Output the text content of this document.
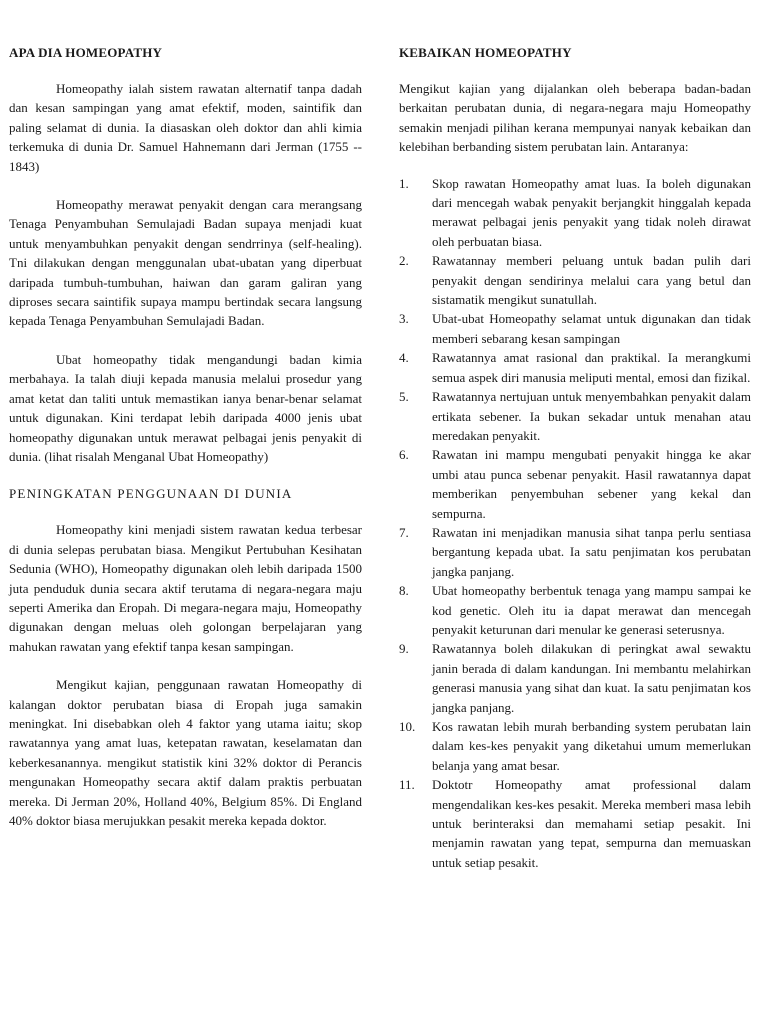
APA DIA HOMEOPATHY

Homeopathy ialah sistem rawatan alternatif tanpa dadah dan kesan sampingan yang amat efektif, moden, saintifik dan paling selamat di dunia. Ia diasaskan oleh doktor dan ahli kimia terkemuka di dunia Dr. Samuel Hahnemann dari Jerman (1755 -- 1843)

Homeopathy merawat penyakit dengan cara merangsang Tenaga Penyambuhan Semulajadi Badan supaya menjadi kuat untuk menyambuhkan penyakit dengan sendrrinya (self-healing). Tni dilakukan dengan menggunalan ubat-ubatan yang diperbuat daripada tumbuh-tumbuhan, haiwan dan garam galiran yang diproses secara saintifik supaya mampu bertindak secara langsung kepada Tenaga Penyambuhan Semulajadi Badan.

Ubat homeopathy tidak mengandungi badan kimia merbahaya. Ia talah diuji kepada manusia melalui prosedur yang amat ketat dan taliti untuk memastikan ianya benar-benar selamat untuk digunakan. Kini terdapat lebih daripada 4000 jenis ubat homeopathy digunakan untuk merawat pelbagai jenis penyakit di dunia. (lihat risalah Menganal Ubat Homeopathy)

PENINGKATAN PENGGUNAAN DI DUNIA

Homeopathy kini menjadi sistem rawatan kedua terbesar di dunia selepas perubatan biasa. Mengikut Pertubuhan Kesihatan Sedunia (WHO), Homeopathy digunakan oleh lebih daripada 1500 juta penduduk dunia secara aktif terutama di negara-negara maju seperti Amerika dan Eropah. Di megara-negara maju, Homeopathy digunakan dengan meluas oleh golongan berpelajaran yang mahukan rawatan yang efektif tanpa kesan sampingan.

Mengikut kajian, penggunaan rawatan Homeopathy di kalangan doktor perubatan biasa di Eropah juga samakin meningkat. Ini disebabkan oleh 4 faktor yang utama iaitu; skop rawatannya yang amat luas, ketepatan rawatan, keselamatan dan keberkesanannya. mengikut statistik kini 32% doktor di Perancis mengunakan Homeopathy secara aktif dalam praktis perbuatan mereka. Di Jerman 20%, Holland 40%, Belgium 85%. Di England 40% doktor biasa merujukkan pesakit mereka kepada doktor.

KEBAIKAN HOMEOPATHY

Mengikut kajian yang dijalankan oleh beberapa badan-badan berkaitan perubatan dunia, di negara-negara maju Homeopathy semakin menjadi pilihan kerana mempunyai nanyak kebaikan dan kelebihan berbanding sistem perubatan lain. Antaranya:

1. Skop rawatan Homeopathy amat luas. Ia boleh digunakan dari mencegah wabak penyakit berjangkit hinggalah kepada merawat pelbagai jenis penyakit yang tidak noleh dirawat oleh perbuatan biasa.
2. Rawatannay memberi peluang untuk badan pulih dari penyakit dengan sendirinya melalui cara yang betul dan sistamatik mengikut sunatullah.
3. Ubat-ubat Homeopathy selamat untuk digunakan dan tidak memberi sebarang kesan sampingan
4. Rawatannya amat rasional dan praktikal. Ia merangkumi semua aspek diri manusia meliputi mental, emosi dan fizikal.
5. Rawatannya nertujuan untuk menyembahkan penyakit dalam ertikata sebener. Ia bukan sekadar untuk menahan atau meredakan penyakit.
6. Rawatan ini mampu mengubati penyakit hingga ke akar umbi atau punca sebenar penyakit. Hasil rawatannya dapat memberikan penyembuhan sebener yang kekal dan sempurna.
7. Rawatan ini menjadikan manusia sihat tanpa perlu sentiasa bergantung kepada ubat. Ia satu penjimatan kos perubatan jangka panjang.
8. Ubat homeopathy berbentuk tenaga yang mampu sampai ke kod genetic. Oleh itu ia dapat merawat dan mencegah penyakit keturunan dari menular ke generasi seterusnya.
9. Rawatannya boleh dilakukan di peringkat awal sewaktu janin berada di dalam kandungan. Ini membantu melahirkan generasi manusia yang sihat dan kuat. Ia satu penjimatan kos jangka panjang.
10. Kos rawatan lebih murah berbanding system perubatan lain dalam kes-kes penyakit yang diketahui umum memerlukan belanja yang amat besar.
11. Doktotr Homeopathy amat professional dalam mengendalikan kes-kes pesakit. Mereka memberi masa lebih untuk berinteraksi dan memahami setiap pesakit. Ini menjamin rawatan yang tepat, sempurna dan memuaskan untuk setiap pesakit.
